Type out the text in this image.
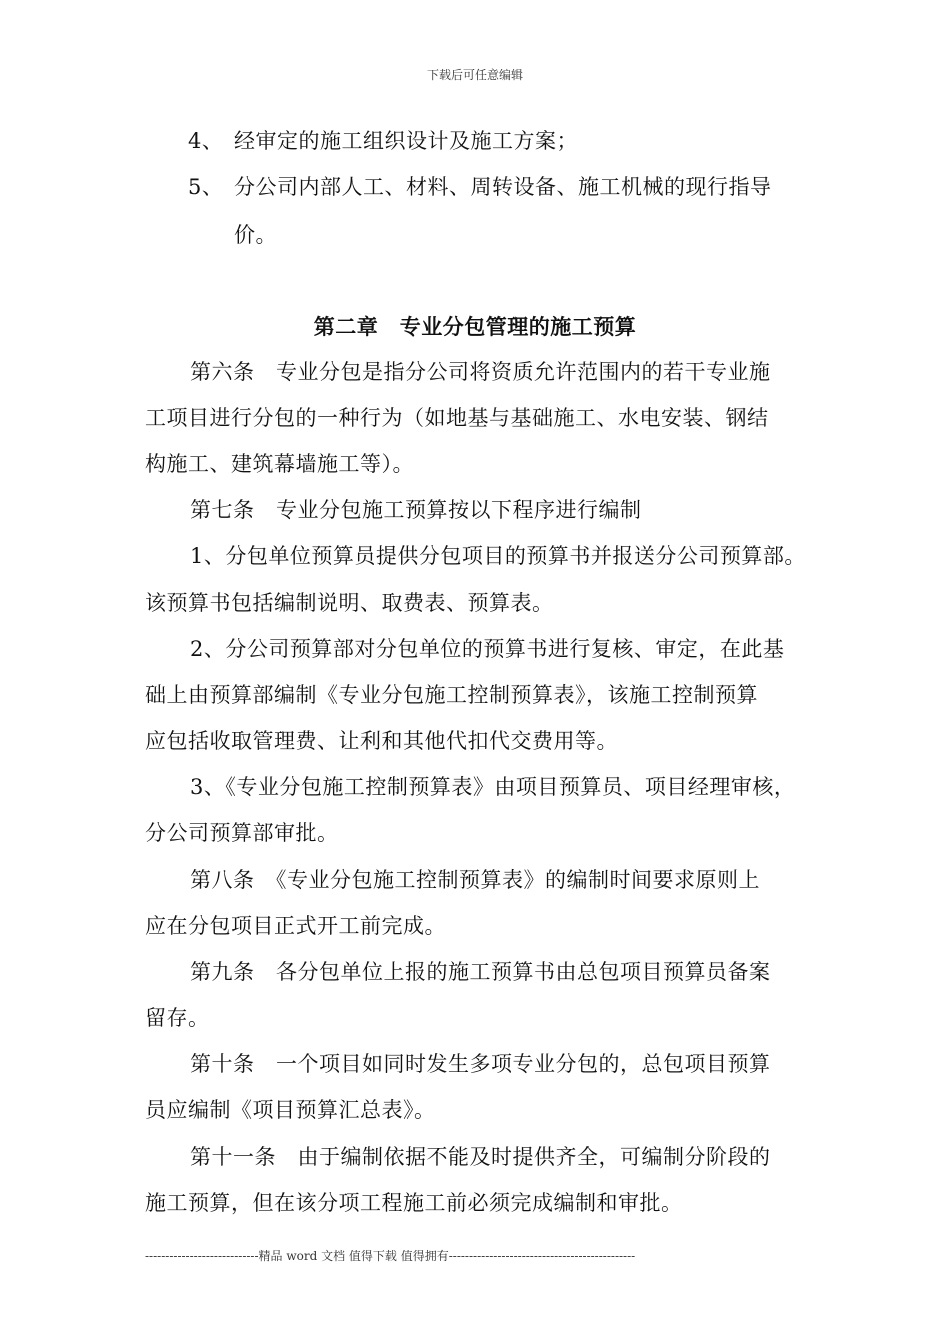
下载后可任意编辑
4、 经审定的施工组织设计及施工方案；
5、 分公司内部人工、材料、周转设备、施工机械的现行指导
价。
第二章　专业分包管理的施工预算
第六条　专业分包是指分公司将资质允许范围内的若干专业施
工项目进行分包的一种行为（如地基与基础施工、水电安装、钢结
构施工、建筑幕墙施工等）。
第七条　专业分包施工预算按以下程序进行编制
1、分包单位预算员提供分包项目的预算书并报送分公司预算部。
该预算书包括编制说明、取费表、预算表。
2、分公司预算部对分包单位的预算书进行复核、审定，在此基
础上由预算部编制《专业分包施工控制预算表》，该施工控制预算
应包括收取管理费、让利和其他代扣代交费用等。
3、《专业分包施工控制预算表》由项目预算员、项目经理审核，
分公司预算部审批。
第八条　《专业分包施工控制预算表》的编制时间要求原则上
应在分包项目正式开工前完成。
第九条　各分包单位上报的施工预算书由总包项目预算员备案
留存。
第十条　一个项目如同时发生多项专业分包的，总包项目预算
员应编制《项目预算汇总表》。
第十一条　由于编制依据不能及时提供齐全，可编制分阶段的
施工预算，但在该分项工程施工前必须完成编制和审批。
----------------------------精品 word 文档 值得下载 值得拥有----------------------------------------------
